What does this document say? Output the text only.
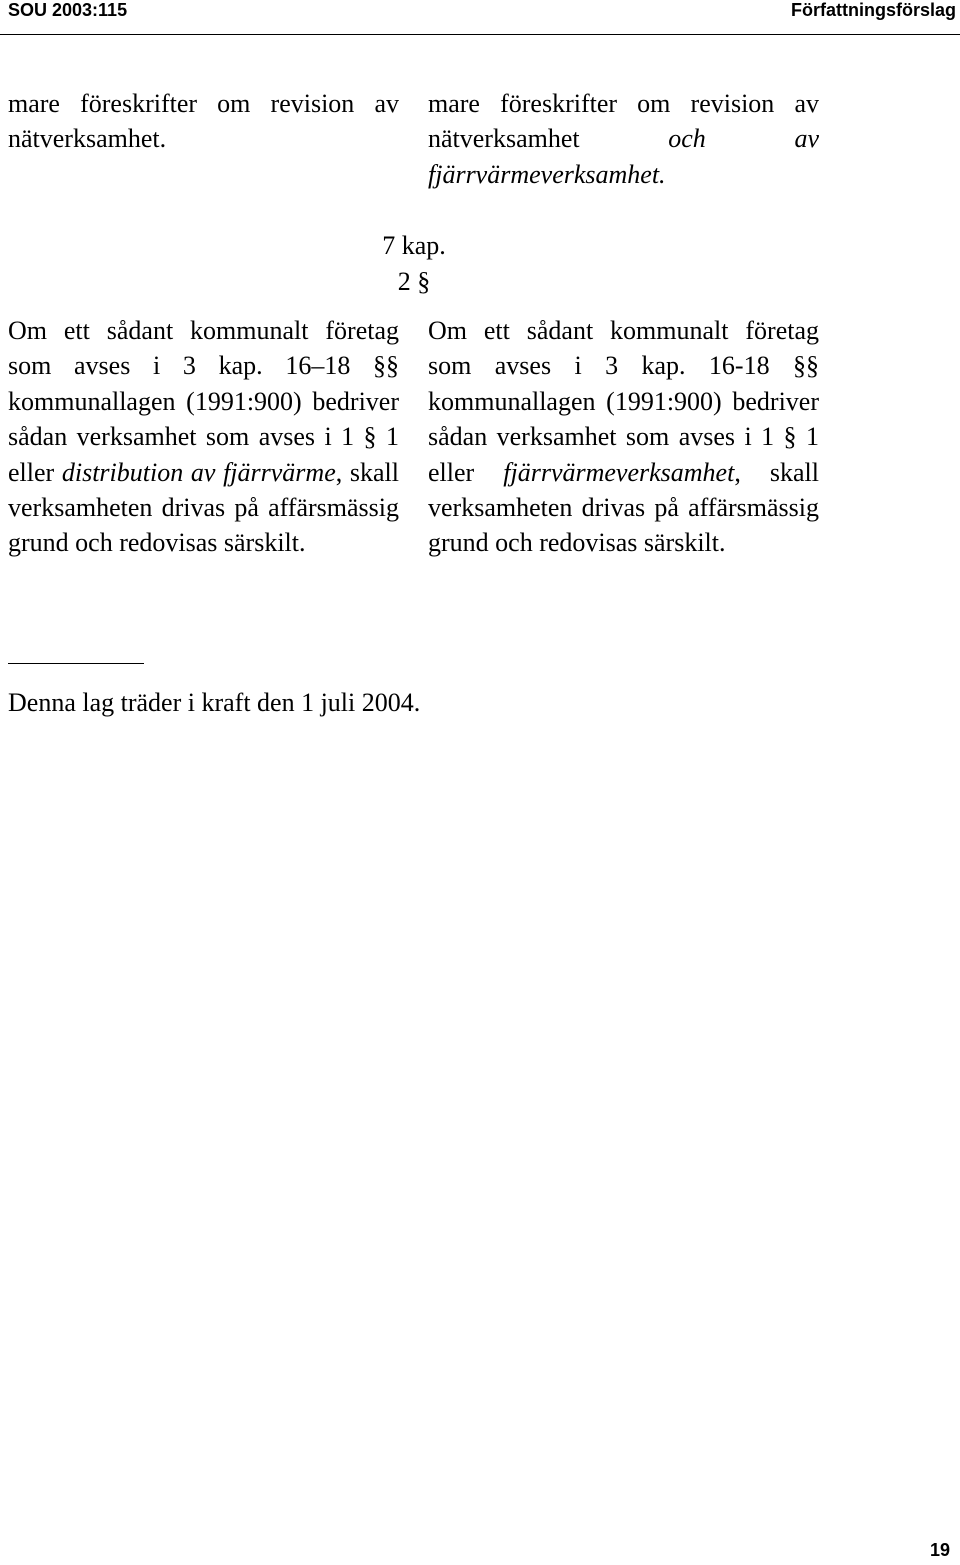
SOU 2003:115	Författningsförslag

mare föreskrifter om revision av nätverksamhet.

mare föreskrifter om revision av nätverksamhet och av fjärrvärmeverksamhet.

7 kap.
2 §

Om ett sådant kommunalt företag som avses i 3 kap. 16–18 §§ kommunallagen (1991:900) bedriver sådan verksamhet som avses i 1 § 1 eller distribution av fjärrvärme, skall verksamheten drivas på affärsmässig grund och redovisas särskilt.

Om ett sådant kommunalt företag som avses i 3 kap. 16-18 §§ kommunallagen (1991:900) bedriver sådan verksamhet som avses i 1 § 1 eller fjärrvärmeverksamhet, skall verksamheten drivas på affärsmässig grund och redovisas särskilt.

Denna lag träder i kraft den 1 juli 2004.
19
